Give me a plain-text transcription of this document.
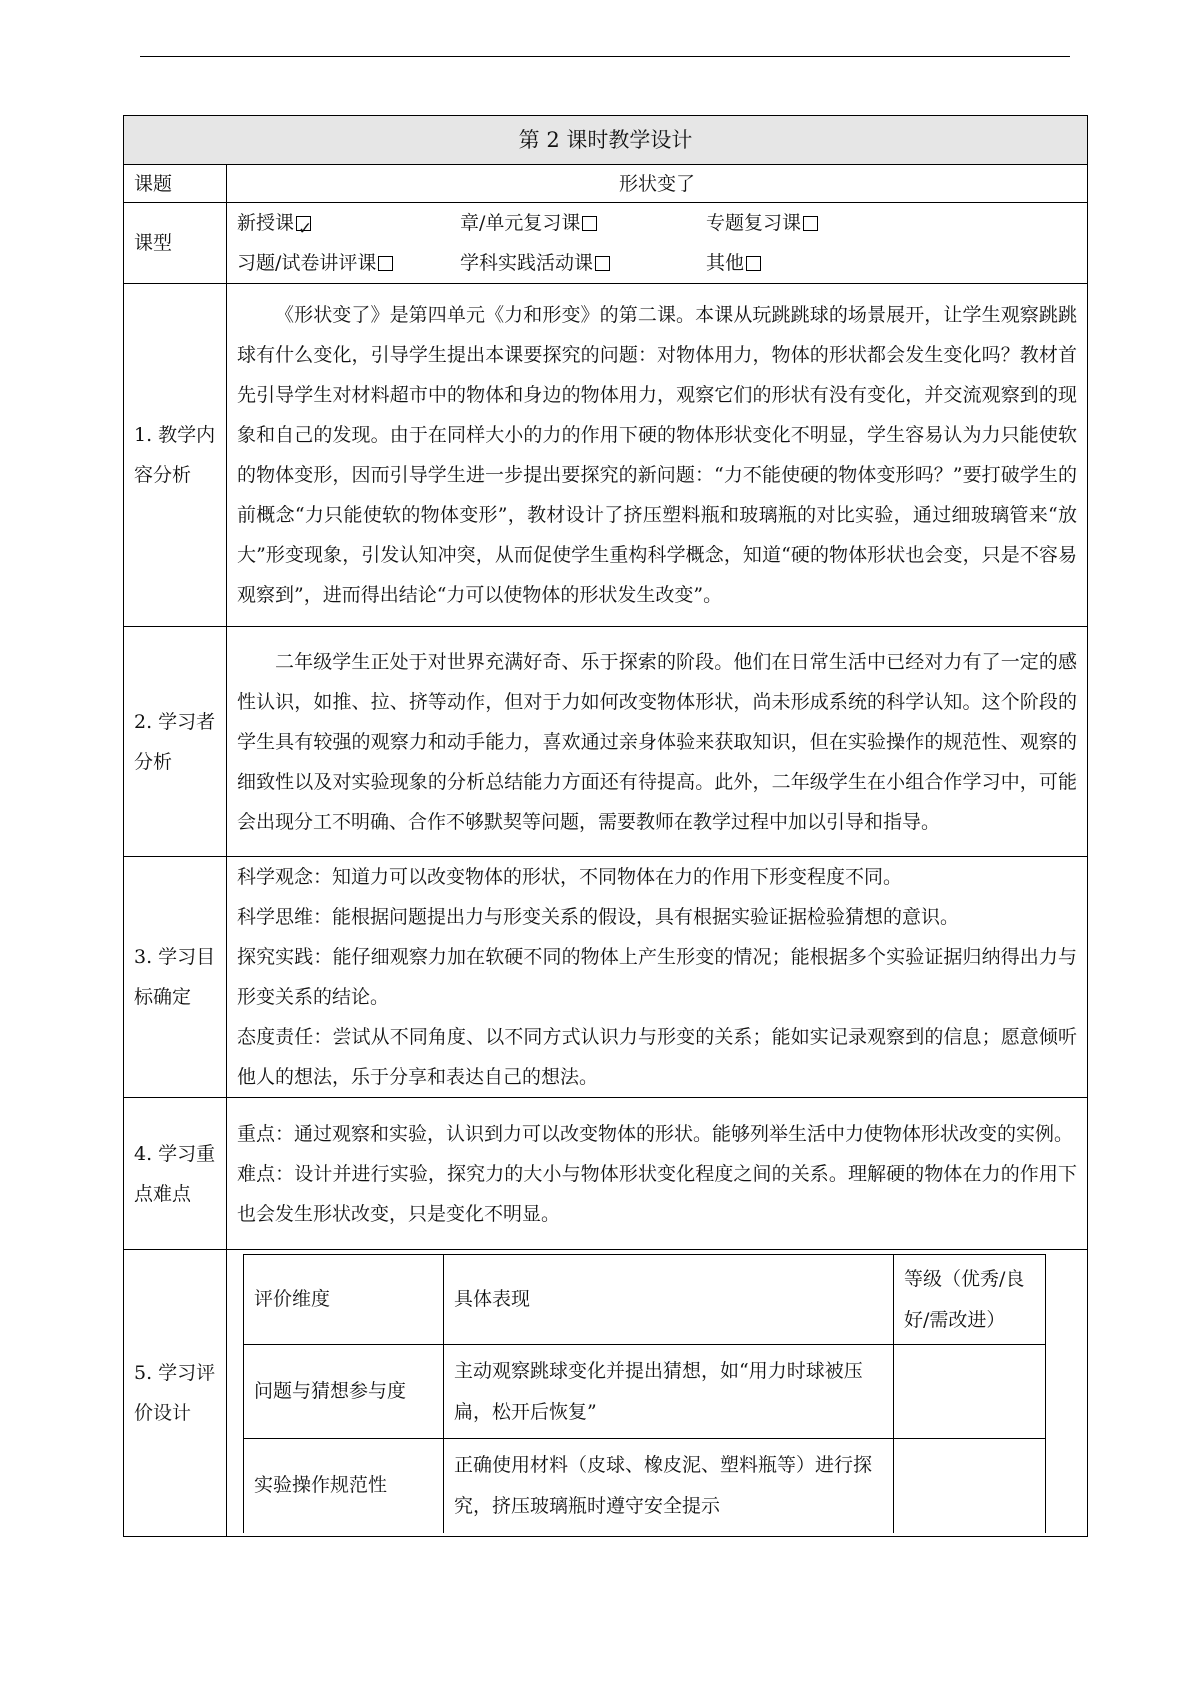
第 2 课时教学设计
课题	形状变了
课型	
新授课✓	章/单元复习课	专题复习课
习题/试卷讲评课	学科实践活动课	其他

1. 教学内容分析	

《形状变了》是第四单元《力和形变》的第二课。本课从玩跳跳球的场景展开，让学生观察跳跳球有什么变化，引导学生提出本课要探究的问题：对物体用力，物体的形状都会发生变化吗？教材首先引导学生对材料超市中的物体和身边的物体用力，观察它们的形状有没有变化，并交流观察到的现象和自己的发现。由于在同样大小的力的作用下硬的物体形状变化不明显，学生容易认为力只能使软的物体变形，因而引导学生进一步提出要探究的新问题：“力不能使硬的物体变形吗？”要打破学生的前概念“力只能使软的物体变形”，教材设计了挤压塑料瓶和玻璃瓶的对比实验，通过细玻璃管来“放大”形变现象，引发认知冲突，从而促使学生重构科学概念，知道“硬的物体形状也会变，只是不容易观察到”，进而得出结论“力可以使物体的形状发生改变”。

2. 学习者分析	

二年级学生正处于对世界充满好奇、乐于探索的阶段。他们在日常生活中已经对力有了一定的感性认识，如推、拉、挤等动作，但对于力如何改变物体形状，尚未形成系统的科学认知。这个阶段的学生具有较强的观察力和动手能力，喜欢通过亲身体验来获取知识，但在实验操作的规范性、观察的细致性以及对实验现象的分析总结能力方面还有待提高。此外，二年级学生在小组合作学习中，可能会出现分工不明确、合作不够默契等问题，需要教师在教学过程中加以引导和指导。

3. 学习目标确定	

科学观念：知道力可以改变物体的形状，不同物体在力的作用下形变程度不同。

科学思维：能根据问题提出力与形变关系的假设，具有根据实验证据检验猜想的意识。

探究实践：能仔细观察力加在软硬不同的物体上产生形变的情况；能根据多个实验证据归纳得出力与形变关系的结论。

态度责任：尝试从不同角度、以不同方式认识力与形变的关系；能如实记录观察到的信息；愿意倾听他人的想法，乐于分享和表达自己的想法。

4. 学习重点难点	

重点：通过观察和实验，认识到力可以改变物体的形状。能够列举生活中力使物体形状改变的实例。

难点：设计并进行实验，探究力的大小与物体形状变化程度之间的关系。理解硬的物体在力的作用下也会发生形状改变，只是变化不明显。

5. 学习评价设计	
评价维度	具体表现	等级（优秀/良好/需改进）
问题与猜想参与度	主动观察跳球变化并提出猜想，如“用力时球被压扁，松开后恢复”	
实验操作规范性	正确使用材料（皮球、橡皮泥、塑料瓶等）进行探究，挤压玻璃瓶时遵守安全提示	
